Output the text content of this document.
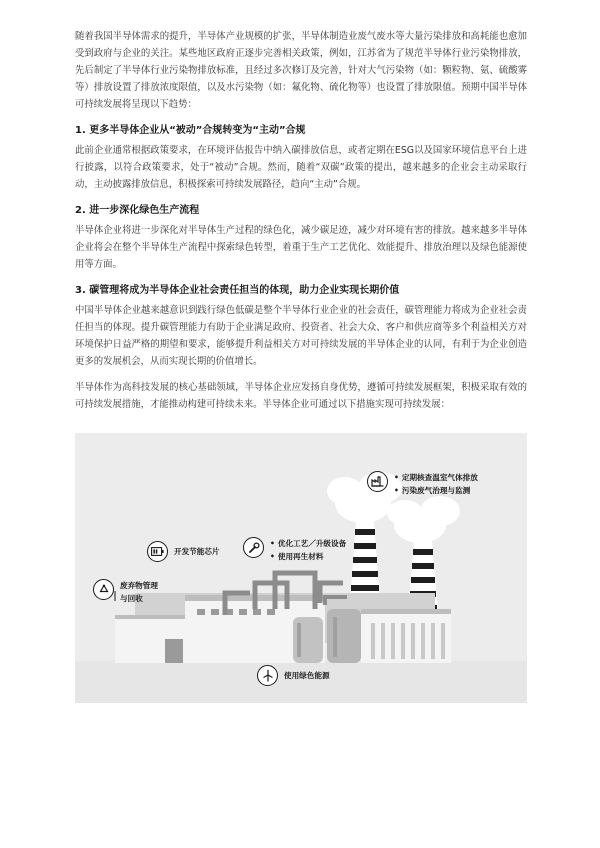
随着我国半导体需求的提升，半导体产业规模的扩张，半导体制造业废气废水等大量污染排放和高耗能也愈加受到政府与企业的关注。某些地区政府正逐步完善相关政策，例如，江苏省为了规范半导体行业污染物排放，先后制定了半导体行业污染物排放标准，且经过多次修订及完善，针对大气污染物（如：颗粒物、氨、硫酸雾等）排放设置了排放浓度限值，以及水污染物（如：氟化物、硫化物等）也设置了排放限值。预期中国半导体可持续发展将呈现以下趋势：

1. 更多半导体企业从“被动”合规转变为“主动”合规

此前企业通常根据政策要求，在环境评估报告中纳入碳排放信息，或者定期在ESG以及国家环境信息平台上进行披露，以符合政策要求，处于“被动”合规。然而，随着“双碳”政策的提出，越来越多的企业会主动采取行动，主动披露排放信息，积极探索可持续发展路径，趋向“主动”合规。

2. 进一步深化绿色生产流程

半导体企业将进一步深化对半导体生产过程的绿色化，减少碳足迹，减少对环境有害的排放。越来越多半导体企业将会在整个半导体生产流程中探索绿色转型，着重于生产工艺优化、效能提升、排放治理以及绿色能源使用等方面。

3. 碳管理将成为半导体企业社会责任担当的体现，助力企业实现长期价值

中国半导体企业越来越意识到践行绿色低碳是整个半导体行业企业的社会责任，碳管理能力将成为企业社会责任担当的体现。提升碳管理能力有助于企业满足政府、投资者、社会大众、客户和供应商等多个利益相关方对环境保护日益严格的期望和要求，能够提升利益相关方对可持续发展的半导体企业的认同，有利于为企业创造更多的发展机会，从而实现长期的价值增长。

半导体作为高科技发展的核心基础领域，半导体企业应发扬自身优势，遵循可持续发展框架，积极采取有效的可持续发展措施，才能推动构建可持续未来。半导体企业可通过以下措施实现可持续发展：

• 定期核查温室气体排放
• 污染废气治理与监测
开发节能芯片
• 优化工艺／升级设备
• 使用再生材料
废弃物管理与回收
使用绿色能源
